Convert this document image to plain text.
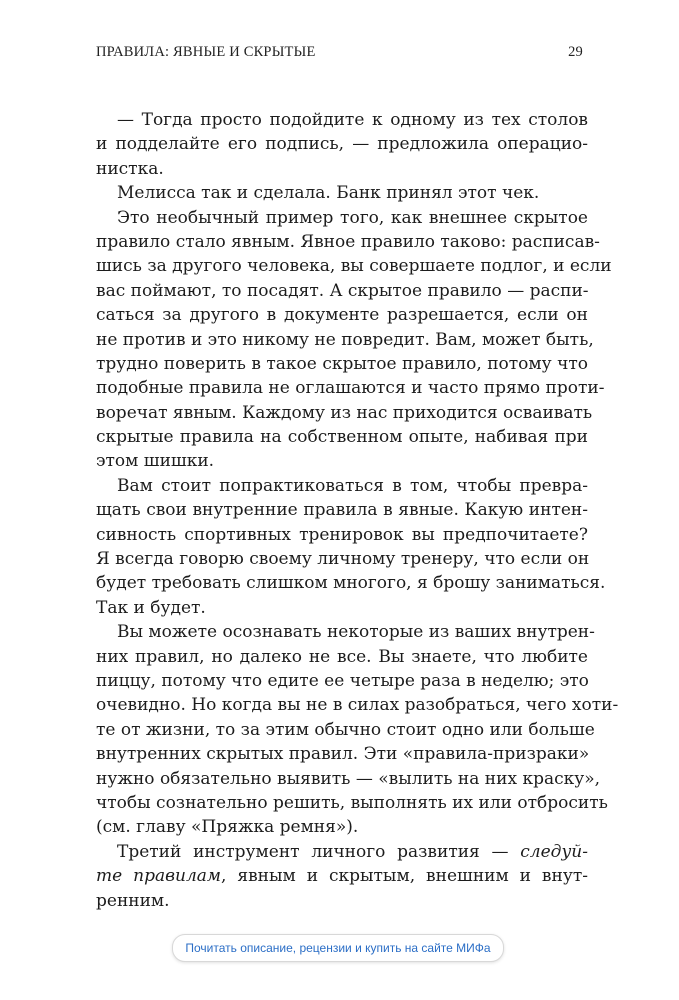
ПРАВИЛА: ЯВНЫЕ И СКРЫТЫЕ	29
— Тогда просто подойдите к одному из тех столов
и подделайте его подпись, — предложила операцио-
нистка.
Мелисса так и сделала. Банк принял этот чек.
Это необычный пример того, как внешнее скрытое
правило стало явным. Явное правило таково: расписав-
шись за другого человека, вы совершаете подлог, и если
вас поймают, то посадят. А скрытое правило — распи-
саться за другого в документе разрешается, если он
не против и это никому не повредит. Вам, может быть,
трудно поверить в такое скрытое правило, потому что
подобные правила не оглашаются и часто прямо проти-
воречат явным. Каждому из нас приходится осваивать
скрытые правила на собственном опыте, набивая при
этом шишки.
Вам стоит попрактиковаться в том, чтобы превра-
щать свои внутренние правила в явные. Какую интен-
сивность спортивных тренировок вы предпочитаете?
Я всегда говорю своему личному тренеру, что если он
будет требовать слишком многого, я брошу заниматься.
Так и будет.
Вы можете осознавать некоторые из ваших внутрен-
них правил, но далеко не все. Вы знаете, что любите
пиццу, потому что едите ее четыре раза в неделю; это
очевидно. Но когда вы не в силах разобраться, чего хоти-
те от жизни, то за этим обычно стоит одно или больше
внутренних скрытых правил. Эти «правила-призраки»
нужно обязательно выявить — «вылить на них краску»,
чтобы сознательно решить, выполнять их или отбросить
(см. главу «Пряжка ремня»).
Третий инструмент личного развития — следуй-
те правилам, явным и скрытым, внешним и внут-
ренним.
Почитать описание, рецензии и купить на сайте МИФа
